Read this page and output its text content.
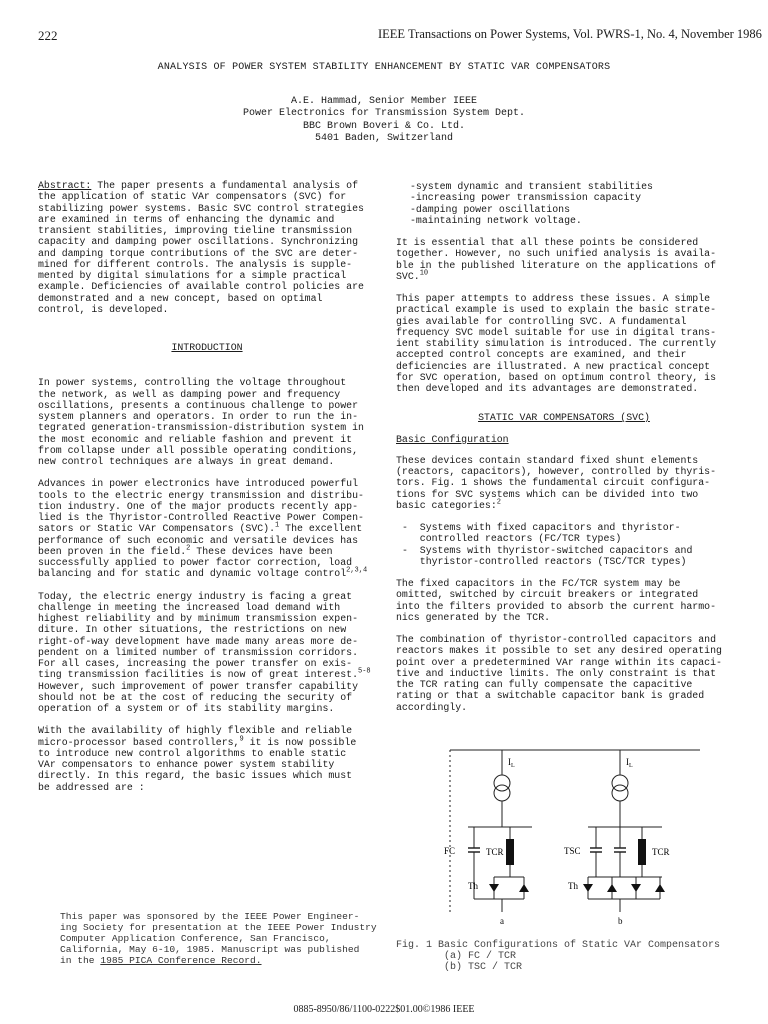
222	IEEE Transactions on Power Systems, Vol. PWRS-1, No. 4, November 1986
ANALYSIS OF POWER SYSTEM STABILITY ENHANCEMENT BY STATIC VAR COMPENSATORS
A.E. Hammad, Senior Member IEEE
Power Electronics for Transmission System Dept.
BBC Brown Boveri & Co. Ltd.
5401 Baden, Switzerland

Abstract: The paper presents a fundamental analysis of

the application of static VAr compensators (SVC) for

stabilizing power systems. Basic SVC control strategies

are examined in terms of enhancing the dynamic and

transient stabilities, improving tieline transmission

capacity and damping power oscillations. Synchronizing

and damping torque contributions of the SVC are deter-

mined for different controls. The analysis is supple-

mented by digital simulations for a simple practical

example. Deficiencies of available control policies are

demonstrated and a new concept, based on optimal

control, is developed.

INTRODUCTION

In power systems, controlling the voltage throughout

the network, as well as damping power and frequency

oscillations, presents a continuous challenge to power

system planners and operators. In order to run the in-

tegrated generation-transmission-distribution system in

the most economic and reliable fashion and prevent it

from collapse under all possible operating conditions,

new control techniques are always in great demand.

Advances in power electronics have introduced powerful

tools to the electric energy transmission and distribu-

tion industry. One of the major products recently app-

lied is the Thyristor-Controlled Reactive Power Compen-

sators or Static VAr Compensators (SVC).$^1$ The excellent

performance of such economic and versatile devices has

been proven in the field.$^2$ These devices have been

successfully applied to power factor correction, load

balancing and for static and dynamic voltage control$^{2,3,4}$

Today, the electric energy industry is facing a great

challenge in meeting the increased load demand with

highest reliability and by minimum transmission expen-

diture. In other situations, the restrictions on new

right-of-way development have made many areas more de-

pendent on a limited number of transmission corridors.

For all cases, increasing the power transfer on exis-

ting transmission facilities is now of great interest.$^{5-8}$

However, such improvement of power transfer capability

should not be at the cost of reducing the security of

operation of a system or of its stability margins.

With the availability of highly flexible and reliable

micro-processor based controllers,$^9$ it is now possible

to introduce new control algorithms to enable static

VAr compensators to enhance power system stability

directly. In this regard, the basic issues which must

be addressed are :

-system dynamic and transient stabilities

-increasing power transmission capacity

-damping power oscillations

-maintaining network voltage.

It is essential that all these points be considered

together. However, no such unified analysis is availa-

ble in the published literature on the applications of

SVC.$^{10}$

This paper attempts to address these issues. A simple

practical example is used to explain the basic strate-

gies available for controlling SVC. A fundamental

frequency SVC model suitable for use in digital trans-

ient stability simulation is introduced. The currently

accepted control concepts are examined, and their

deficiencies are illustrated. A new practical concept

for SVC operation, based on optimum control theory, is

then developed and its advantages are demonstrated.

STATIC VAR COMPENSATORS (SVC)

Basic Configuration

These devices contain standard fixed shunt elements

(reactors, capacitors), however, controlled by thyris-

tors. Fig. 1 shows the fundamental circuit configura-

tions for SVC systems which can be divided into two

basic categories:$^2$

-  Systems with fixed capacitors and thyristor-

controlled reactors (FC/TCR types)

-  Systems with thyristor-switched capacitors and

thyristor-controlled reactors (TSC/TCR types)

The fixed capacitors in the FC/TCR system may be

omitted, switched by circuit breakers or integrated

into the filters provided to absorb the current harmo-

nics generated by the TCR.

The combination of thyristor-controlled capacitors and

reactors makes it possible to set any desired operating

point over a predetermined VAr range within its capaci-

tive and inductive limits. The only constraint is that

the TCR rating can fully compensate the capacitive

rating or that a switchable capacitor bank is graded

accordingly.

FC	TCR
Th
TSC	TCR
Th
$I_L$	$I_L$
a	b

This paper was sponsored by the IEEE Power Engineer-

ing Society for presentation at the IEEE Power Industry

Computer Application Conference, San Francisco,

California, May 6-10, 1985. Manuscript was published

in the 1985 PICA Conference Record.

Fig. 1 Basic Configurations of Static VAr Compensators

(a) FC / TCR

(b) TSC / TCR

0885-8950/86/1100-0222$01.00©1986 IEEE
